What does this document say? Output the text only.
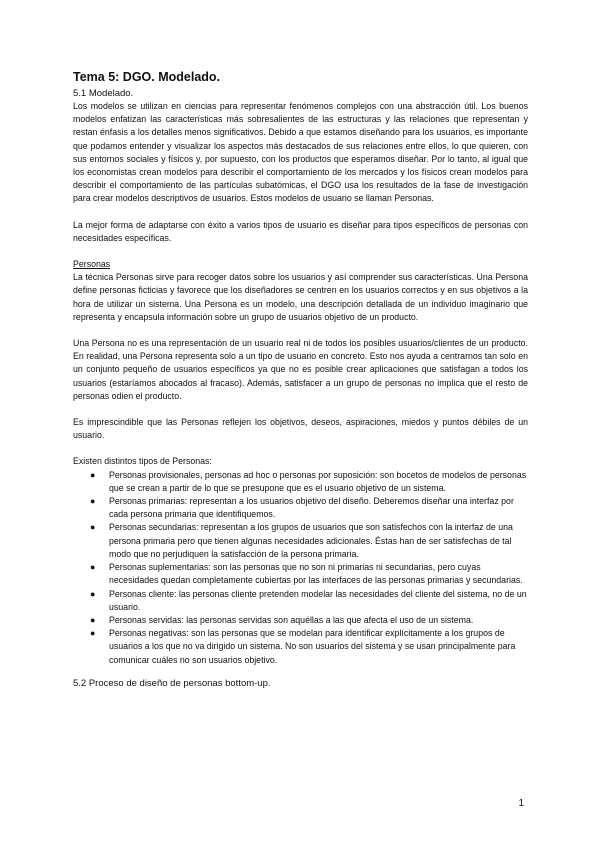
Tema 5: DGO. Modelado.
5.1 Modelado.

Los modelos se utilizan en ciencias para representar fenómenos complejos con una abstracción útil. Los buenos modelos enfatizan las características más sobresalientes de las estructuras y las relaciones que representan y restan énfasis a los detalles menos significativos. Debido a que estamos diseñando para los usuarios, es importante que podamos entender y visualizar los aspectos más destacados de sus relaciones entre ellos, lo que quieren, con sus entornos sociales y físicos y, por supuesto, con los productos que esperamos diseñar. Por lo tanto, al igual que los economistas crean modelos para describir el comportamiento de los mercados y los físicos crean modelos para describir el comportamiento de las partículas subatómicas, el DGO usa los resultados de la fase de investigación para crear modelos descriptivos de usuarios. Estos modelos de usuario se llaman Personas.

La mejor forma de adaptarse con éxito a varios tipos de usuario es diseñar para tipos específicos de personas con necesidades específicas.

Personas

La técnica Personas sirve para recoger datos sobre los usuarios y así comprender sus características. Una Persona define personas ficticias y favorece que los diseñadores se centren en los usuarios correctos y en sus objetivos a la hora de utilizar un sistema. Una Persona es un modelo, una descripción detallada de un individuo imaginario que representa y encapsula información sobre un grupo de usuarios objetivo de un producto.

Una Persona no es una representación de un usuario real ni de todos los posibles usuarios/clientes de un producto. En realidad, una Persona representa solo a un tipo de usuario en concreto. Esto nos ayuda a centrarnos tan solo en un conjunto pequeño de usuarios específicos ya que no es posible crear aplicaciones que satisfagan a todos los usuarios (estaríamos abocados al fracaso). Además, satisfacer a un grupo de personas no implica que el resto de personas odien el producto.

Es imprescindible que las Personas reflejen los objetivos, deseos, aspiraciones, miedos y puntos débiles de un usuario.

Existen distintos tipos de Personas:

● Personas provisionales, personas ad hoc o personas por suposición: son bocetos de modelos de personas que se crean a partir de lo que se presupone que es el usuario objetivo de un sistema.
● Personas primarias: representan a los usuarios objetivo del diseño. Deberemos diseñar una interfaz por cada persona primaria que identifiquemos.
● Personas secundarias: representan a los grupos de usuarios que son satisfechos con la interfaz de una persona primaria pero que tienen algunas necesidades adicionales. Éstas han de ser satisfechas de tal modo que no perjudiquen la satisfacción de la persona primaria.
● Personas suplementarias: son las personas que no son ni primarias ni secundarias, pero cuyas necesidades quedan completamente cubiertas por las interfaces de las personas primarias y secundarias.
● Personas cliente: las personas cliente pretenden modelar las necesidades del cliente del sistema, no de un usuario.
● Personas servidas: las personas servidas son aquéllas a las que afecta el uso de un sistema.
● Personas negativas: son las personas que se modelan para identificar explícitamente a los grupos de usuarios a los que no va dirigido un sistema. No son usuarios del sistema y se usan principalmente para comunicar cuáles no son usuarios objetivo.
5.2 Proceso de diseño de personas bottom-up.
1
